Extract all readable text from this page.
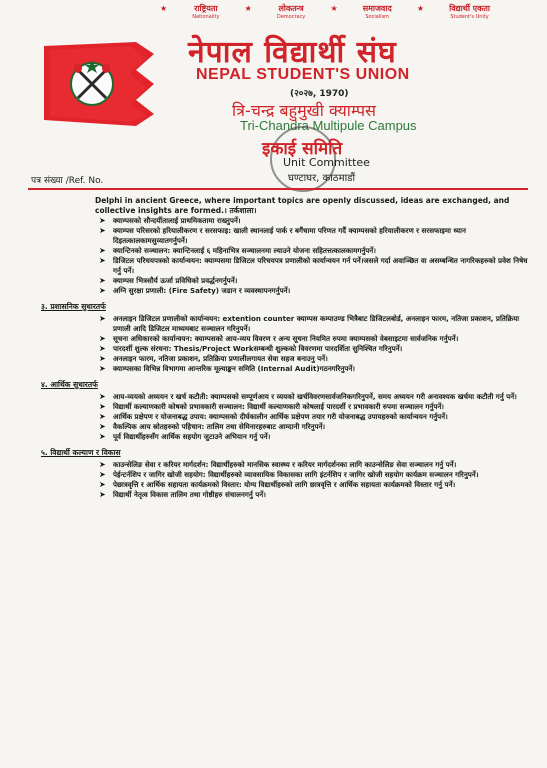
★	राष्ट्रियता
Nationality
★	लोकतन्त्र
Democracy
★	समाजवाद
Socialism
★	विद्यार्थी एकता
Student's Unity
नेपाल विद्यार्थी संघ
NEPAL STUDENT'S UNION
(२०२७, 1970)
त्रि-चन्द्र बहुमुखी क्याम्पस
Tri-Chandra Multipule Campus
इकाई समिति
Unit Committee
घण्टाघर, काठमाडौं
पत्र संख्या /Ref. No.
Delphi in ancient Greece, where important topics are openly discussed, ideas are exchanged, and collective insights are formed.। तर्कशाला।
➤ क्याम्पसको सौन्दर्यीतालाई प्राथमिकतामा राख्नुपर्ने।
➤ क्याम्पस परिसरको हरियालीकरण र सरसफाइ: खाली स्थानलाई पार्क र बगैंचामा परिणत गर्दै क्याम्पसको हरियालीकरण र सरसफाइमा ध्यान दिइतत्कालकामसुव्यातगर्नुपर्ने।
➤ क्यान्टिनको सञ्चालन: क्यान्टिनलाई ६ महिनाभित्र सञ्चालनमा ल्याउने योजना सहितत्तत्कालकामगर्नुपर्ने।
➤ डिजिटल परिचयपत्रको कार्यान्वयन: क्याम्पसमा डिजिटल परिचयपत्र प्रणालीको कार्यान्वयन गर्न पर्ने।जसले गर्दा अवाञ्छित वा असम्बन्धित नागरिकहरुको प्रवेश निषेध गर्नु पर्ने।
➤ क्याम्पस भित्रसौर्य ऊर्जा प्रविधिको प्रवर्द्धनगर्नुपर्ने।
➤ अग्नि सुरक्षा प्रणाली: (Fire Safety) जडान र व्यवस्थापनगर्नुपर्ने।
३. प्रशासनिक सुधारतर्फ
➤ अनलाइन डिजिटल प्रणालीको कार्यान्वयन: extention counter क्याम्पस कम्पाउण्ड भित्रैबाट डिजिटलबोर्ड, अनलाइन फारम, नतिजा प्रकाशन, प्रतिक्रिया प्रणाली आदि डिजिटल माध्यमबाट सञ्चालन गरिनुपर्ने।
➤ सूचना अधिकारको कार्यान्वयन: क्याम्पसको आय-व्यय विवरण र अन्य सूचना नियमित रुपमा क्याम्पसको वेबसाइटमा सार्वजनिक गर्नुपर्ने।
➤ पारदर्शी शुल्क संरचना: Thesis/Project Workसम्बन्धी शुल्कको विवरणमा पारदर्शिता सुनिश्चित गरिनुपर्ने।
➤ अनलाइन फारम, नतिजा प्रकाशन, प्रतिक्रिया प्रणालीलगायत सेवा सहज बनाउनु पर्ने।
➤ क्याम्पसका विभिन्न विभागमा आन्तरिक मूल्याङ्कन समिति (Internal Audit)गठनगरिनुपर्ने।
४. आर्थिक सुधारतर्फ
➤ आय-व्ययको अध्ययन र खर्च कटौती: क्याम्पसको सम्पूर्णआय र व्ययको खर्चविवरणसार्वजनिकगरिनुपर्ने, समय अध्ययन गरी अनावश्यक खर्चमा कटौती गर्नु पर्ने।
➤ विद्यार्थी कल्याणकारी कोषको प्रभावकारी सञ्चालन: विद्यार्थी कल्याणकारी कोषलाई पारदर्शी र प्रभावकारी रुपमा सञ्चालन गर्नुपर्ने।
➤ आर्थिक प्रक्षेपण र योजनाबद्ध उपाय: क्याम्पसको दीर्घकालीन आर्थिक प्रक्षेपण तयार गरी योजनाबद्ध उपायहरुको कार्यान्वयन गर्नुपर्ने।
➤ वैकल्पिक आय स्रोतहरुको पहिचान: तालिम तथा सेमिनारहरुबाट आम्दानी गरिनुपर्ने।
➤ पूर्व विद्यार्थीहरुसँग आर्थिक सहयोग जुटाउने अभियान गर्नु पर्ने।
५. विद्यार्थी कल्याण र विकास
➤ काउन्सेलिङ सेवा र करियर मार्गदर्शन: विद्यार्थीहरुको मानसिक स्वास्थ्य र करियर मार्गदर्शनका लागि काउन्सेलिङ सेवा सञ्चालन गर्नु पर्ने।
➤ पेईन्टर्नशिप र जागिर खोजी सहयोग: विद्यार्थीहरुको व्यावसायिक विकासका लागि इंटर्नशिप र जागिर खोजी सहयोग कार्यक्रम सञ्चालन गरिनुपर्ने।
➤ पेछात्रवृत्ति र आर्थिक सहायता कार्यक्रमको विस्तार: योग्य विद्यार्थीहरुको लागि छात्रवृत्ति र आर्थिक सहायता कार्यक्रमको विस्तार गर्नु पर्ने।
➤ विद्यार्थी नेतृत्व विकास तालिम तथा गोष्ठीहरु संचालनगर्नु पर्ने।
